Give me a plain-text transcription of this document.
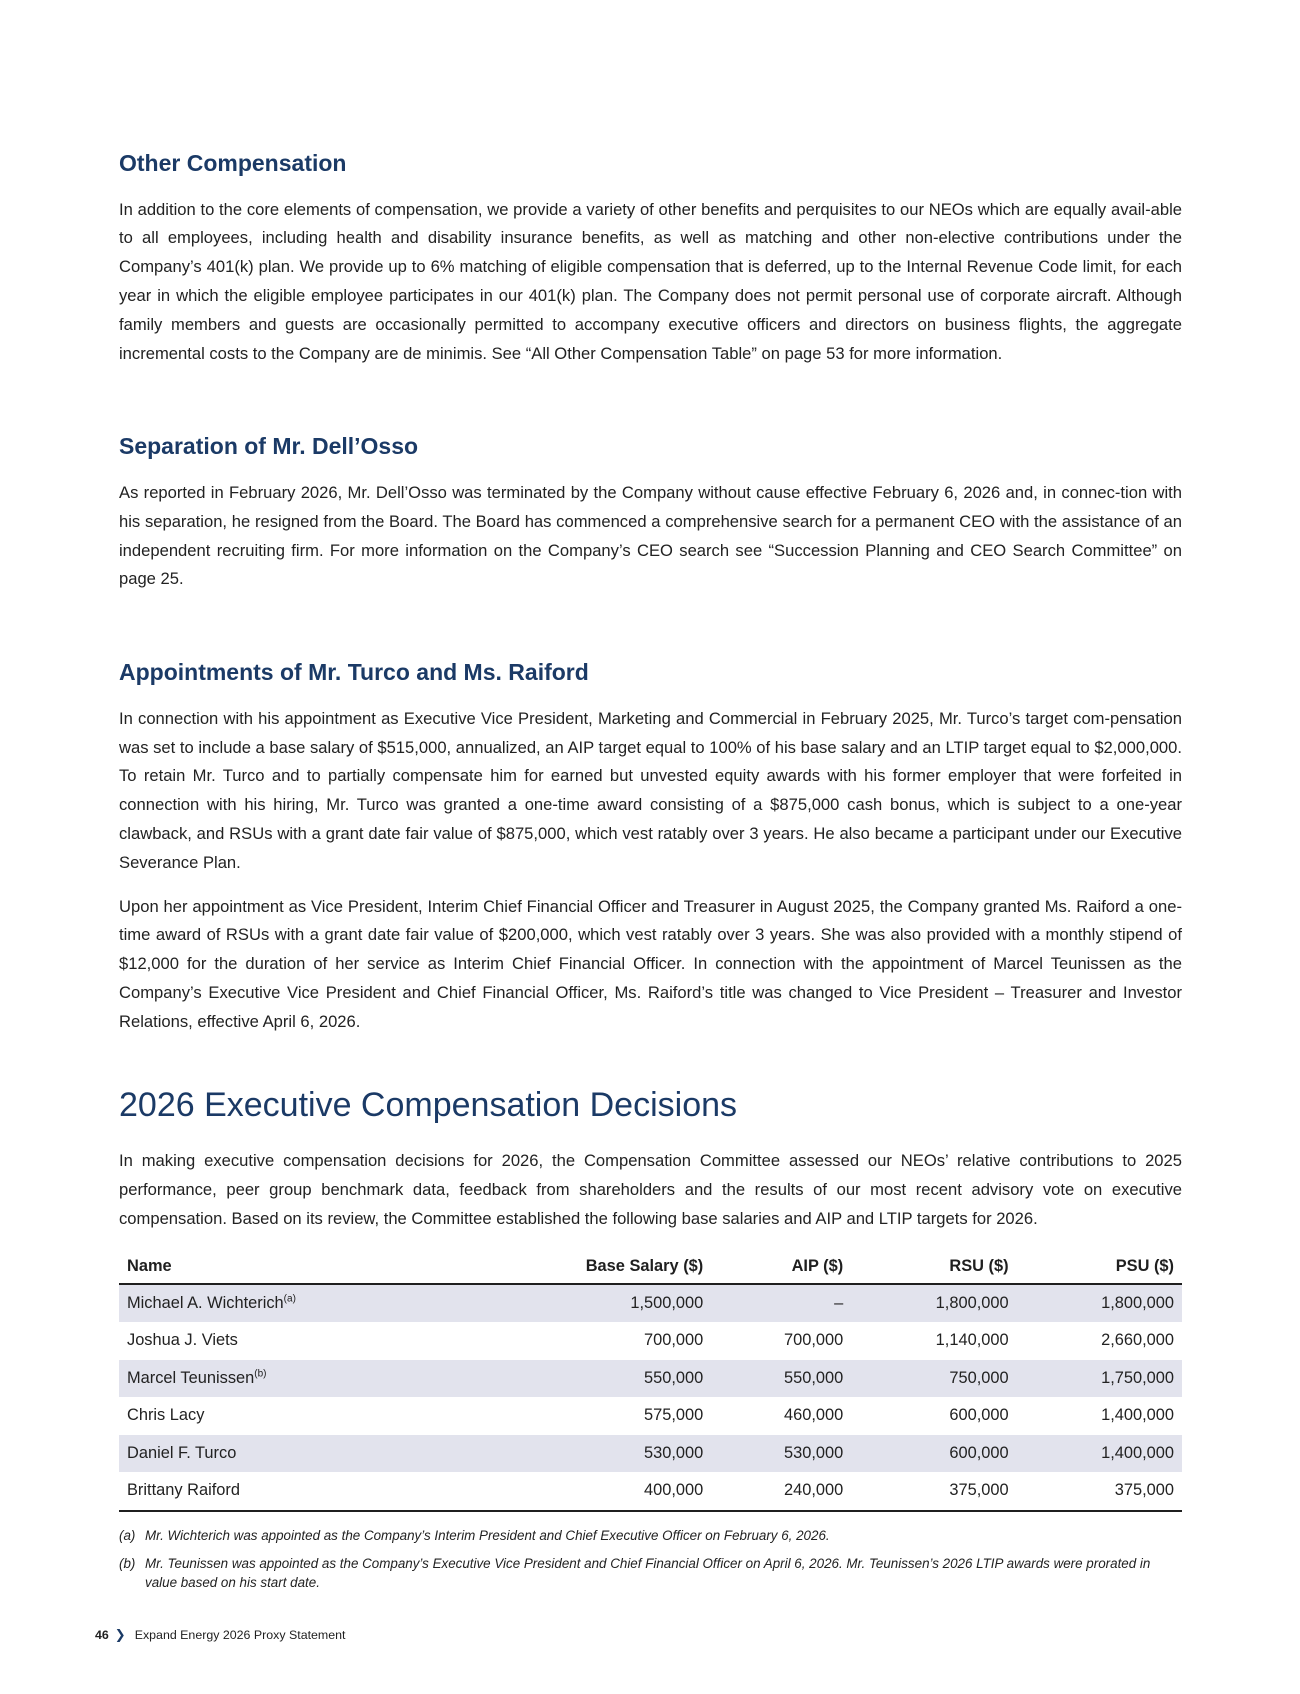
Other Compensation

In addition to the core elements of compensation, we provide a variety of other benefits and perquisites to our NEOs which are equally avail-able to all employees, including health and disability insurance benefits, as well as matching and other non-elective contributions under the Company’s 401(k) plan. We provide up to 6% matching of eligible compensation that is deferred, up to the Internal Revenue Code limit, for each year in which the eligible employee participates in our 401(k) plan. The Company does not permit personal use of corporate aircraft. Although family members and guests are occasionally permitted to accompany executive officers and directors on business flights, the aggregate incremental costs to the Company are de minimis. See “All Other Compensation Table” on page 53 for more information.

Separation of Mr. Dell’Osso

As reported in February 2026, Mr. Dell’Osso was terminated by the Company without cause effective February 6, 2026 and, in connec-tion with his separation, he resigned from the Board. The Board has commenced a comprehensive search for a permanent CEO with the assistance of an independent recruiting firm. For more information on the Company’s CEO search see “Succession Planning and CEO Search Committee” on page 25.

Appointments of Mr. Turco and Ms. Raiford

In connection with his appointment as Executive Vice President, Marketing and Commercial in February 2025, Mr. Turco’s target com-pensation was set to include a base salary of $515,000, annualized, an AIP target equal to 100% of his base salary and an LTIP target equal to $2,000,000. To retain Mr. Turco and to partially compensate him for earned but unvested equity awards with his former employer that were forfeited in connection with his hiring, Mr. Turco was granted a one-time award consisting of a $875,000 cash bonus, which is subject to a one-year clawback, and RSUs with a grant date fair value of $875,000, which vest ratably over 3 years. He also became a participant under our Executive Severance Plan.

Upon her appointment as Vice President, Interim Chief Financial Officer and Treasurer in August 2025, the Company granted Ms. Raiford a one-time award of RSUs with a grant date fair value of $200,000, which vest ratably over 3 years. She was also provided with a monthly stipend of $12,000 for the duration of her service as Interim Chief Financial Officer. In connection with the appointment of Marcel Teunissen as the Company’s Executive Vice President and Chief Financial Officer, Ms. Raiford’s title was changed to Vice President – Treasurer and Investor Relations, effective April 6, 2026.

2026 Executive Compensation Decisions

In making executive compensation decisions for 2026, the Compensation Committee assessed our NEOs’ relative contributions to 2025 performance, peer group benchmark data, feedback from shareholders and the results of our most recent advisory vote on executive compensation. Based on its review, the Committee established the following base salaries and AIP and LTIP targets for 2026.

Name	Base Salary ($)	AIP ($)	RSU ($)	PSU ($)
Michael A. Wichterich$^{(a)}$	1,500,000	–	1,800,000	1,800,000
Joshua J. Viets	700,000	700,000	1,140,000	2,660,000
Marcel Teunissen$^{(b)}$	550,000	550,000	750,000	1,750,000
Chris Lacy	575,000	460,000	600,000	1,400,000
Daniel F. Turco	530,000	530,000	600,000	1,400,000
Brittany Raiford	400,000	240,000	375,000	375,000
(a) Mr. Wichterich was appointed as the Company’s Interim President and Chief Executive Officer on February 6, 2026.
(b) Mr. Teunissen was appointed as the Company’s Executive Vice President and Chief Financial Officer on April 6, 2026. Mr. Teunissen’s 2026 LTIP awards were prorated in value based on his start date.
46 ❯ Expand Energy 2026 Proxy Statement
